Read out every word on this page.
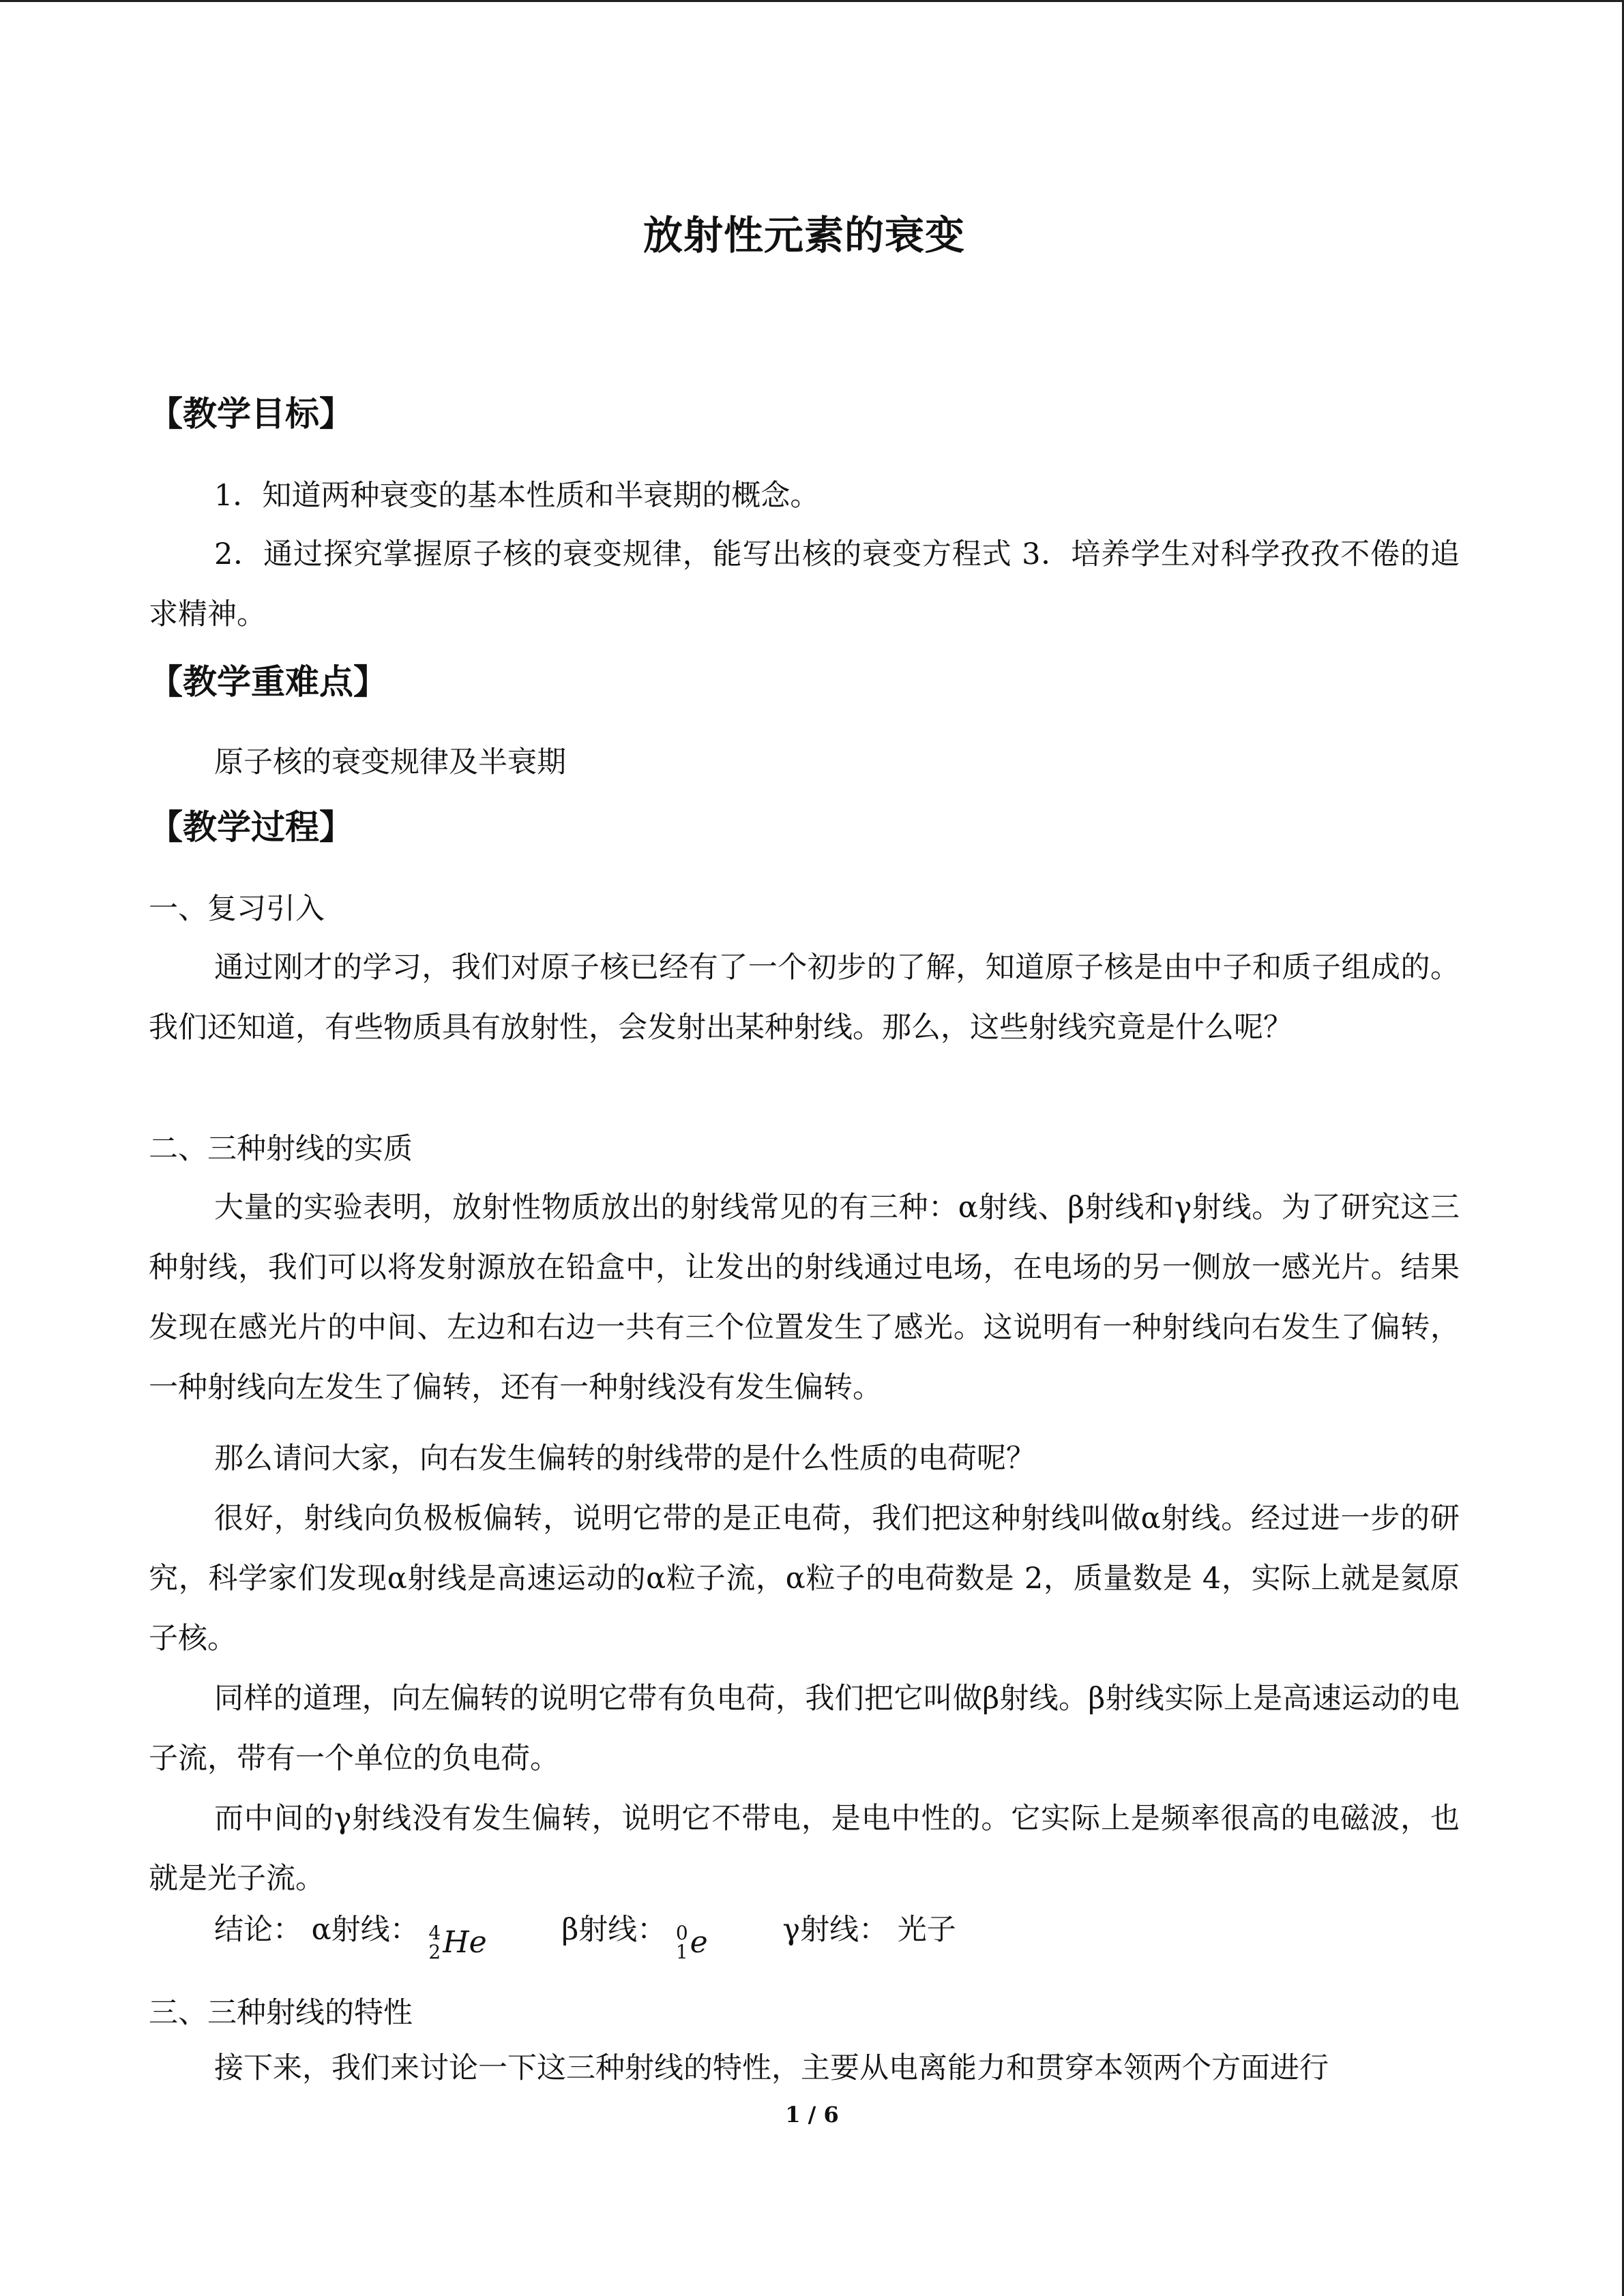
放射性元素的衰变
【教学目标】
1．知道两种衰变的基本性质和半衰期的概念。

2．通过探究掌握原子核的衰变规律，能写出核的衰变方程式 3．培养学生对科学孜孜不倦的追求精神。

【教学重难点】
原子核的衰变规律及半衰期
【教学过程】
一、复习引入

通过刚才的学习，我们对原子核已经有了一个初步的了解，知道原子核是由中子和质子组成的。我们还知道，有些物质具有放射性，会发射出某种射线。那么，这些射线究竟是什么呢？

二、三种射线的实质

大量的实验表明，放射性物质放出的射线常见的有三种：α射线、β射线和γ射线。为了研究这三种射线，我们可以将发射源放在铅盒中，让发出的射线通过电场，在电场的另一侧放一感光片。结果发现在感光片的中间、左边和右边一共有三个位置发生了感光。这说明有一种射线向右发生了偏转，一种射线向左发生了偏转，还有一种射线没有发生偏转。

那么请问大家，向右发生偏转的射线带的是什么性质的电荷呢？

很好，射线向负极板偏转，说明它带的是正电荷，我们把这种射线叫做α射线。经过进一步的研究，科学家们发现α射线是高速运动的α粒子流，α粒子的电荷数是 2，质量数是 4，实际上就是氦原子核。

同样的道理，向左偏转的说明它带有负电荷，我们把它叫做β射线。β射线实际上是高速运动的电子流，带有一个单位的负电荷。

而中间的γ射线没有发生偏转，说明它不带电，是电中性的。它实际上是频率很高的电磁波，也就是光子流。

结论： α射线： 4
2 He	β射线： 0
1 e	γ射线： 光子
三、三种射线的特性

接下来，我们来讨论一下这三种射线的特性，主要从电离能力和贯穿本领两个方面进行

1 / 6
